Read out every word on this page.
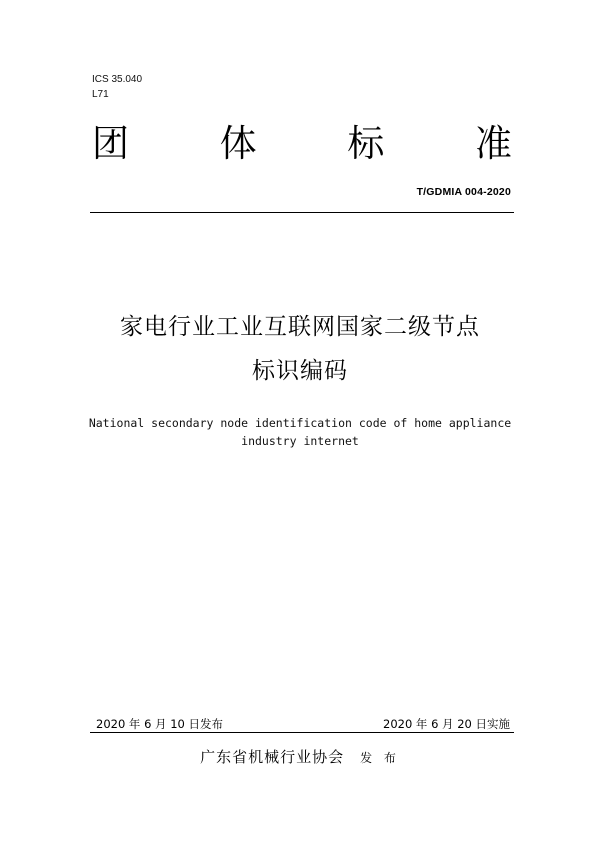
ICS 35.040
L71
团 体 标 准
T/GDMIA 004-2020
家电行业工业互联网国家二级节点
标识编码
National secondary node identification code of home appliance
industry internet
2020 年 6 月 10 日发布	2020 年 6 月 20 日实施
广东省机械行业协会 发 布
